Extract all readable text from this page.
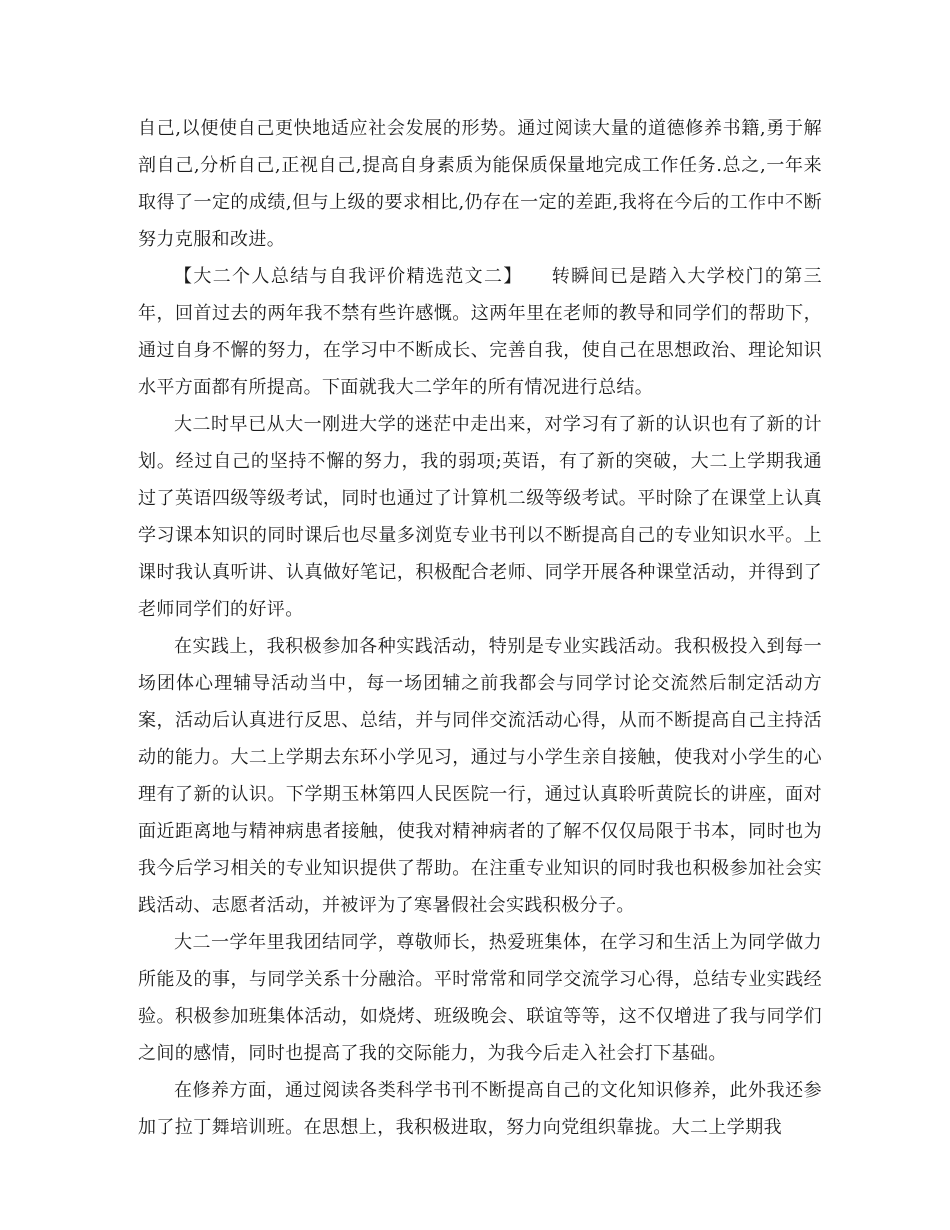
自己,以便使自己更快地适应社会发展的形势。通过阅读大量的道德修养书籍,勇于解剖自己,分析自己,正视自己,提高自身素质为能保质保量地完成工作任务.总之,一年来取得了一定的成绩,但与上级的要求相比,仍存在一定的差距,我将在今后的工作中不断努力克服和改进。

【大二个人总结与自我评价精选范文二】 转瞬间已是踏入大学校门的第三年，回首过去的两年我不禁有些许感慨。这两年里在老师的教导和同学们的帮助下，通过自身不懈的努力，在学习中不断成长、完善自我，使自己在思想政治、理论知识水平方面都有所提高。下面就我大二学年的所有情况进行总结。

大二时早已从大一刚进大学的迷茫中走出来，对学习有了新的认识也有了新的计划。经过自己的坚持不懈的努力，我的弱项;英语，有了新的突破，大二上学期我通过了英语四级等级考试，同时也通过了计算机二级等级考试。平时除了在课堂上认真学习课本知识的同时课后也尽量多浏览专业书刊以不断提高自己的专业知识水平。上课时我认真听讲、认真做好笔记，积极配合老师、同学开展各种课堂活动，并得到了老师同学们的好评。

在实践上，我积极参加各种实践活动，特别是专业实践活动。我积极投入到每一场团体心理辅导活动当中，每一场团辅之前我都会与同学讨论交流然后制定活动方案，活动后认真进行反思、总结，并与同伴交流活动心得，从而不断提高自己主持活动的能力。大二上学期去东环小学见习，通过与小学生亲自接触，使我对小学生的心理有了新的认识。下学期玉林第四人民医院一行，通过认真聆听黄院长的讲座，面对面近距离地与精神病患者接触，使我对精神病者的了解不仅仅局限于书本，同时也为我今后学习相关的专业知识提供了帮助。在注重专业知识的同时我也积极参加社会实践活动、志愿者活动，并被评为了寒暑假社会实践积极分子。

大二一学年里我团结同学，尊敬师长，热爱班集体，在学习和生活上为同学做力所能及的事，与同学关系十分融洽。平时常常和同学交流学习心得，总结专业实践经验。积极参加班集体活动，如烧烤、班级晚会、联谊等等，这不仅增进了我与同学们之间的感情，同时也提高了我的交际能力，为我今后走入社会打下基础。

在修养方面，通过阅读各类科学书刊不断提高自己的文化知识修养，此外我还参加了拉丁舞培训班。在思想上，我积极进取，努力向党组织靠拢。大二上学期我
